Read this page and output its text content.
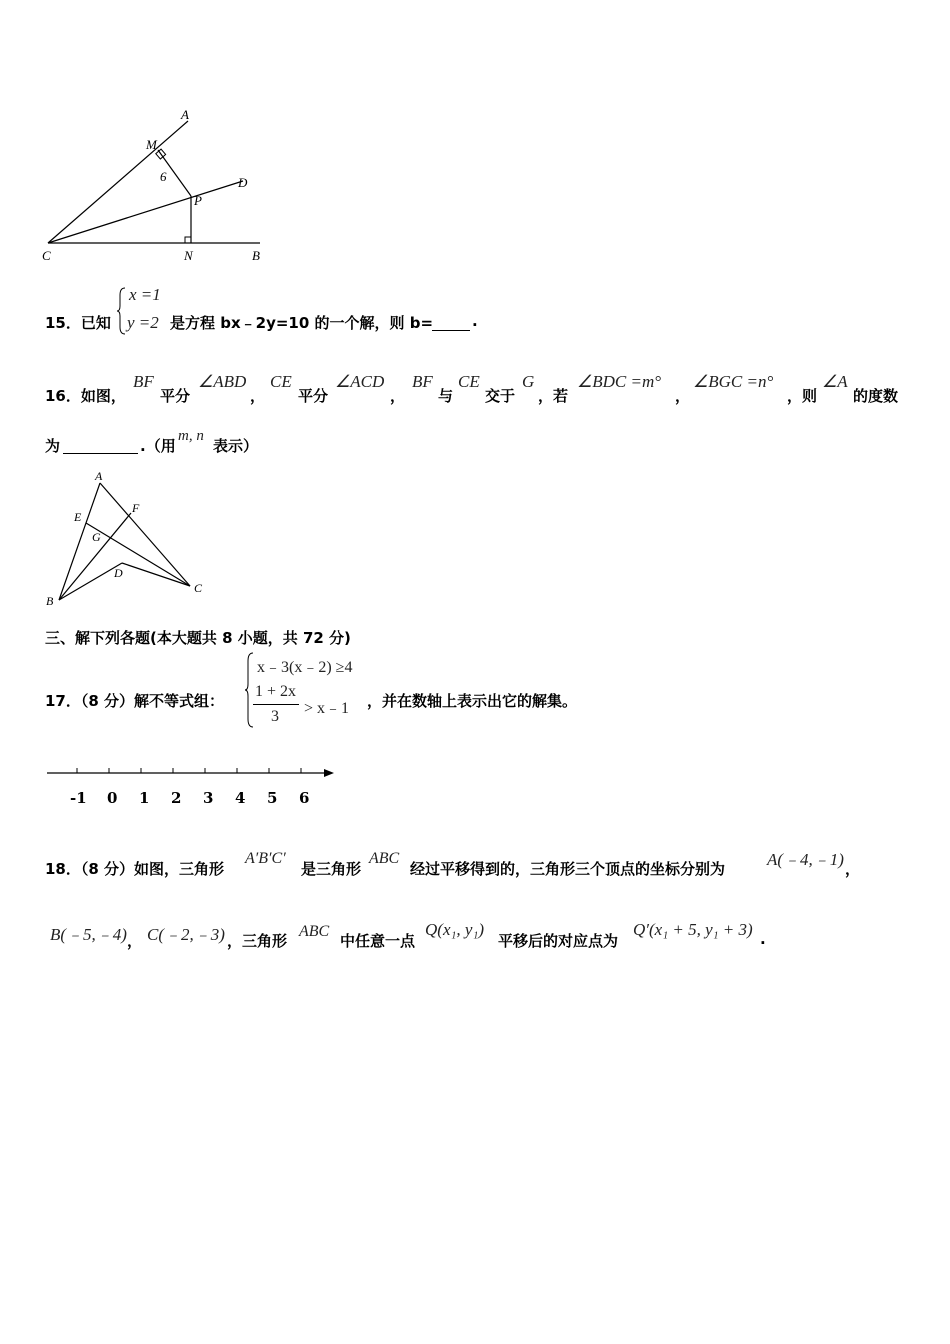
A
M
6	D
P
C	N	B
15．已知
x =1
y =2 是方程 bx﹣2y=10 的一个解，则 b=	.
16．如图，
BF
平分
∠ABD
，
CE
平分
∠ACD
，
BF
与
CE
交于
G
，若
∠BDC =m°
，
∠BGC =n°
，则
∠A
的度数
为	.（用
m, n
表示）
A
E
F
G
D
B
C
三、解下列各题(本大题共 8 小题，共 72 分)
17．（8 分）解不等式组：
x﹣3(x﹣2) ≥4
1 + 2x
3 > x﹣1 ，并在数轴上表示出它的解集。
-1 0 1 2 3 4 5 6
18．（8 分）如图，三角形
A′B′C′
是三角形
ABC
经过平移得到的，三角形三个顶点的坐标分别为 A(﹣4,﹣1) ，
B(﹣5,﹣4) ， C(﹣2,﹣3) ，三角形
ABC
中任意一点
Q(x₁, y₁)
平移后的对应点为
Q′(x₁ + 5, y₁ + 3) .
